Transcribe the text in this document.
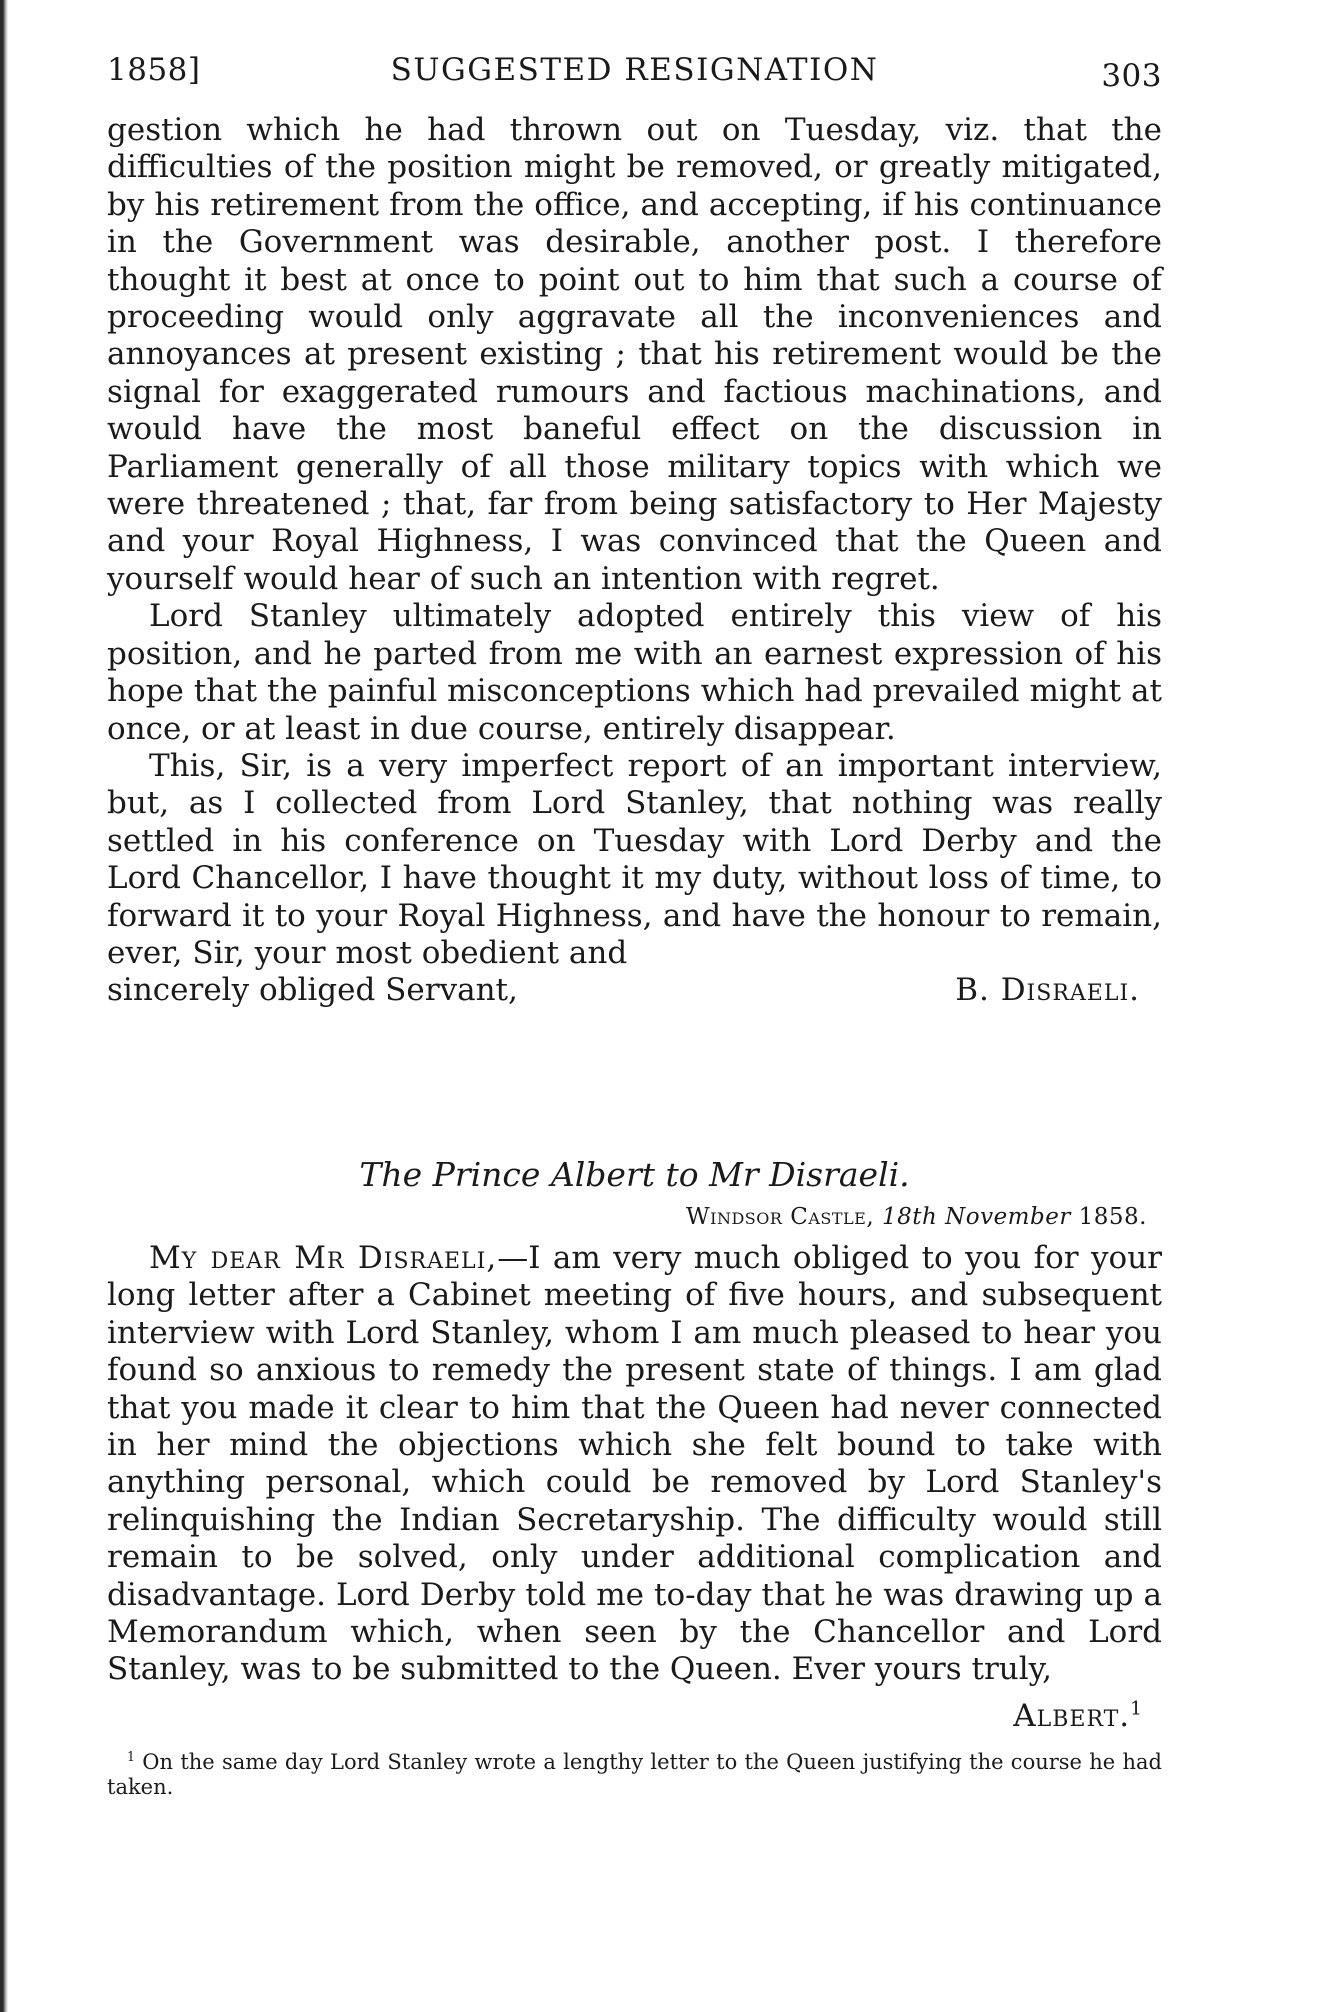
1858]	SUGGESTED RESIGNATION	303

gestion which he had thrown out on Tuesday, viz. that the difficulties of the position might be removed, or greatly mitigated, by his retirement from the office, and accepting, if his continuance in the Government was desirable, another post. I therefore thought it best at once to point out to him that such a course of proceeding would only aggravate all the inconveniences and annoyances at present existing ; that his retirement would be the signal for exaggerated rumours and factious machinations, and would have the most baneful effect on the discussion in Parliament generally of all those military topics with which we were threatened ; that, far from being satisfactory to Her Majesty and your Royal Highness, I was convinced that the Queen and yourself would hear of such an intention with regret.

Lord Stanley ultimately adopted entirely this view of his position, and he parted from me with an earnest expression of his hope that the painful misconceptions which had prevailed might at once, or at least in due course, entirely disappear.

This, Sir, is a very imperfect report of an important interview, but, as I collected from Lord Stanley, that nothing was really settled in his conference on Tuesday with Lord Derby and the Lord Chancellor, I have thought it my duty, without loss of time, to forward it to your Royal Highness, and have the honour to remain, ever, Sir, your most obedient and

sincerely obliged Servant,	B. Disraeli.
The Prince Albert to Mr Disraeli.
Windsor Castle, 18th November 1858.

My dear Mr Disraeli,—I am very much obliged to you for your long letter after a Cabinet meeting of five hours, and subsequent interview with Lord Stanley, whom I am much pleased to hear you found so anxious to remedy the present state of things. I am glad that you made it clear to him that the Queen had never connected in her mind the objections which she felt bound to take with anything personal, which could be removed by Lord Stanley's relinquishing the Indian Secretaryship. The difficulty would still remain to be solved, only under additional complication and disadvantage. Lord Derby told me to-day that he was drawing up a Memorandum which, when seen by the Chancellor and Lord Stanley, was to be submitted to the Queen. Ever yours truly,

Albert.$^1$
$^1$ On the same day Lord Stanley wrote a lengthy letter to the Queen justifying the course he had taken.
